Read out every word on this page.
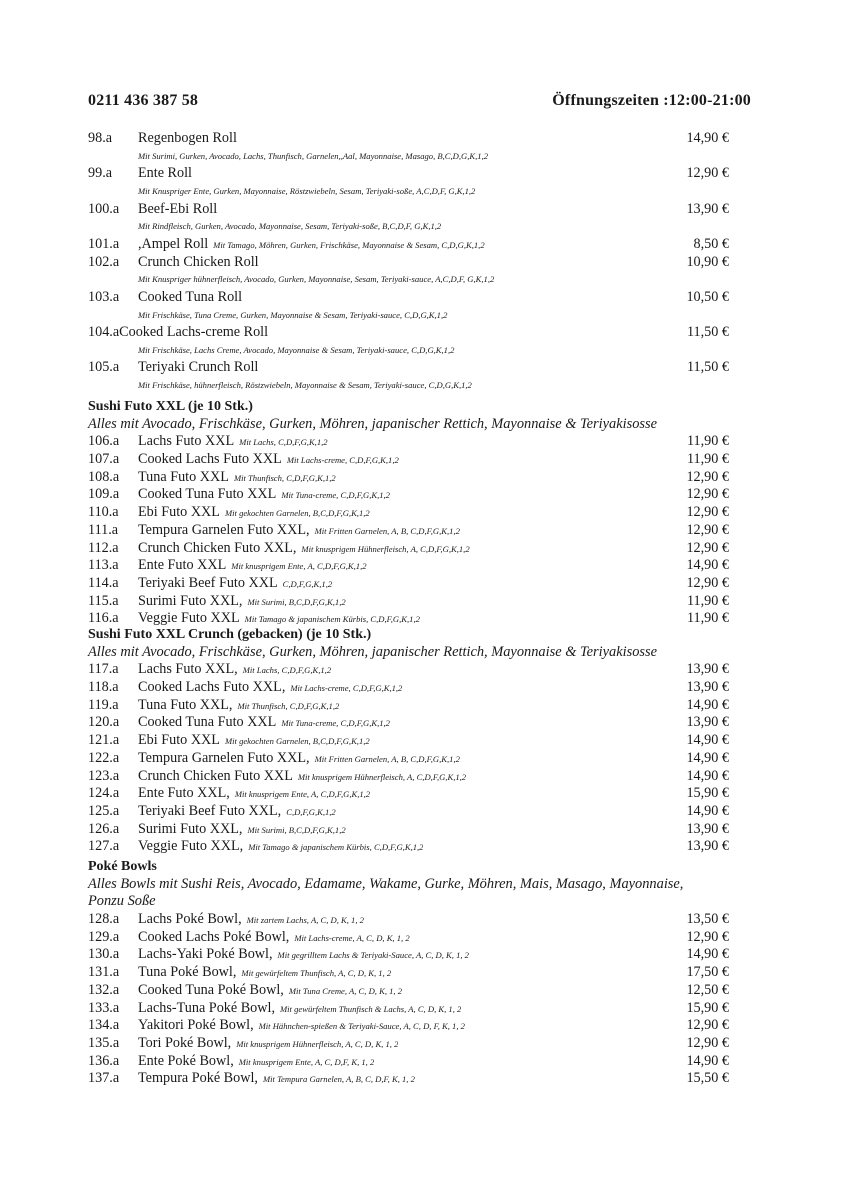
0211 436 387 58	Öffnungszeiten :12:00-21:00
98.a	Regenbogen Roll	14,90 €
Mit Surimi, Gurken, Avocado, Lachs, Thunfisch, Garnelen,,Aal, Mayonnaise, Masago, B,C,D,G,K,1,2
99.a	Ente Roll	12,90 €
Mit Knuspriger Ente, Gurken, Mayonnaise, Röstzwiebeln, Sesam, Teriyaki-soße, A,C,D,F, G,K,1,2
100.a	Beef-Ebi Roll	13,90 €
Mit Rindfleisch, Gurken, Avocado, Mayonnaise, Sesam, Teriyaki-soße, B,C,D,F, G,K,1,2
101.a	,Ampel Roll Mit Tamago, Möhren, Gurken, Frischkäse, Mayonnaise & Sesam, C,D,G,K,1,2	8,50 €
102.a	Crunch Chicken Roll	10,90 €
Mit Knuspriger hühnerfleisch, Avocado, Gurken, Mayonnaise, Sesam, Teriyaki-sauce, A,C,D,F, G,K,1,2
103.a	Cooked Tuna Roll	10,50 €
Mit Frischkäse, Tuna Creme, Gurken, Mayonnaise & Sesam, Teriyaki-sauce, C,D,G,K,1,2
104.a Cooked Lachs-creme Roll	11,50 €
Mit Frischkäse, Lachs Creme, Avocado, Mayonnaise & Sesam, Teriyaki-sauce, C,D,G,K,1,2
105.a	Teriyaki Crunch Roll	11,50 €
Mit Frischkäse, hühnerfleisch, Röstzwiebeln, Mayonnaise & Sesam, Teriyaki-sauce, C,D,G,K,1,2
Sushi Futo XXL (je 10 Stk.)
Alles mit Avocado, Frischkäse, Gurken, Möhren, japanischer Rettich, Mayonnaise & Teriyakisosse
106.a	Lachs Futo XXL Mit Lachs, C,D,F,G,K,1,2	11,90 €
107.a	Cooked Lachs Futo XXL Mit Lachs-creme, C,D,F,G,K,1,2	11,90 €
108.a	Tuna Futo XXL Mit Thunfisch, C,D,F,G,K,1,2	12,90 €
109.a	Cooked Tuna Futo XXL Mit Tuna-creme, C,D,F,G,K,1,2	12,90 €
110.a	Ebi Futo XXL Mit gekochten Garnelen, B,C,D,F,G,K,1,2	12,90 €
111.a	Tempura Garnelen Futo XXL, Mit Fritten Garnelen, A, B, C,D,F,G,K,1,2	12,90 €
112.a	Crunch Chicken Futo XXL, Mit knusprigem Hühnerfleisch, A, C,D,F,G,K,1,2	12,90 €
113.a	Ente Futo XXL Mit knusprigem Ente, A, C,D,F,G,K,1,2	14,90 €
114.a	Teriyaki Beef Futo XXL C,D,F,G,K,1,2	12,90 €
115.a	Surimi Futo XXL, Mit Surimi, B,C,D,F,G,K,1,2	11,90 €
116.a	Veggie Futo XXL Mit Tamago & japanischem Kürbis, C,D,F,G,K,1,2	11,90 €
Sushi Futo XXL Crunch (gebacken) (je 10 Stk.)
Alles mit Avocado, Frischkäse, Gurken, Möhren, japanischer Rettich, Mayonnaise & Teriyakisosse
117.a	Lachs Futo XXL, Mit Lachs, C,D,F,G,K,1,2	13,90 €
118.a	Cooked Lachs Futo XXL, Mit Lachs-creme, C,D,F,G,K,1,2	13,90 €
119.a	Tuna Futo XXL, Mit Thunfisch, C,D,F,G,K,1,2	14,90 €
120.a	Cooked Tuna Futo XXL Mit Tuna-creme, C,D,F,G,K,1,2	13,90 €
121.a	Ebi Futo XXL Mit gekochten Garnelen, B,C,D,F,G,K,1,2	14,90 €
122.a	Tempura Garnelen Futo XXL, Mit Fritten Garnelen, A, B, C,D,F,G,K,1,2	14,90 €
123.a	Crunch Chicken Futo XXL Mit knusprigem Hühnerfleisch, A, C,D,F,G,K,1,2	14,90 €
124.a	Ente Futo XXL, Mit knusprigem Ente, A, C,D,F,G,K,1,2	15,90 €
125.a	Teriyaki Beef Futo XXL, C,D,F,G,K,1,2	14,90 €
126.a	Surimi Futo XXL, Mit Surimi, B,C,D,F,G,K,1,2	13,90 €
127.a	Veggie Futo XXL, Mit Tamago & japanischem Kürbis, C,D,F,G,K,1,2	13,90 €
Poké Bowls
Alles Bowls mit Sushi Reis, Avocado, Edamame, Wakame, Gurke, Möhren, Mais, Masago, Mayonnaise,
Ponzu Soße
128.a	Lachs Poké Bowl, Mit zartem Lachs, A, C, D, K, 1, 2	13,50 €
129.a	Cooked Lachs Poké Bowl, Mit Lachs-creme, A, C, D, K, 1, 2	12,90 €
130.a	Lachs-Yaki Poké Bowl, Mit gegrilltem Lachs & Teriyaki-Sauce, A, C, D, K, 1, 2	14,90 €
131.a	Tuna Poké Bowl, Mit gewürfeltem Thunfisch, A, C, D, K, 1, 2	17,50 €
132.a	Cooked Tuna Poké Bowl, Mit Tuna Creme, A, C, D, K, 1, 2	12,50 €
133.a	Lachs-Tuna Poké Bowl, Mit gewürfeltem Thunfisch & Lachs, A, C, D, K, 1, 2	15,90 €
134.a	Yakitori Poké Bowl, Mit Hähnchen-spießen & Teriyaki-Sauce, A, C, D, F, K, 1, 2	12,90 €
135.a	Tori Poké Bowl, Mit knusprigem Hühnerfleisch, A, C, D, K, 1, 2	12,90 €
136.a	Ente Poké Bowl, Mit knusprigem Ente, A, C, D,F, K, 1, 2	14,90 €
137.a	Tempura Poké Bowl, Mit Tempura Garnelen, A, B, C, D,F, K, 1, 2	15,50 €
